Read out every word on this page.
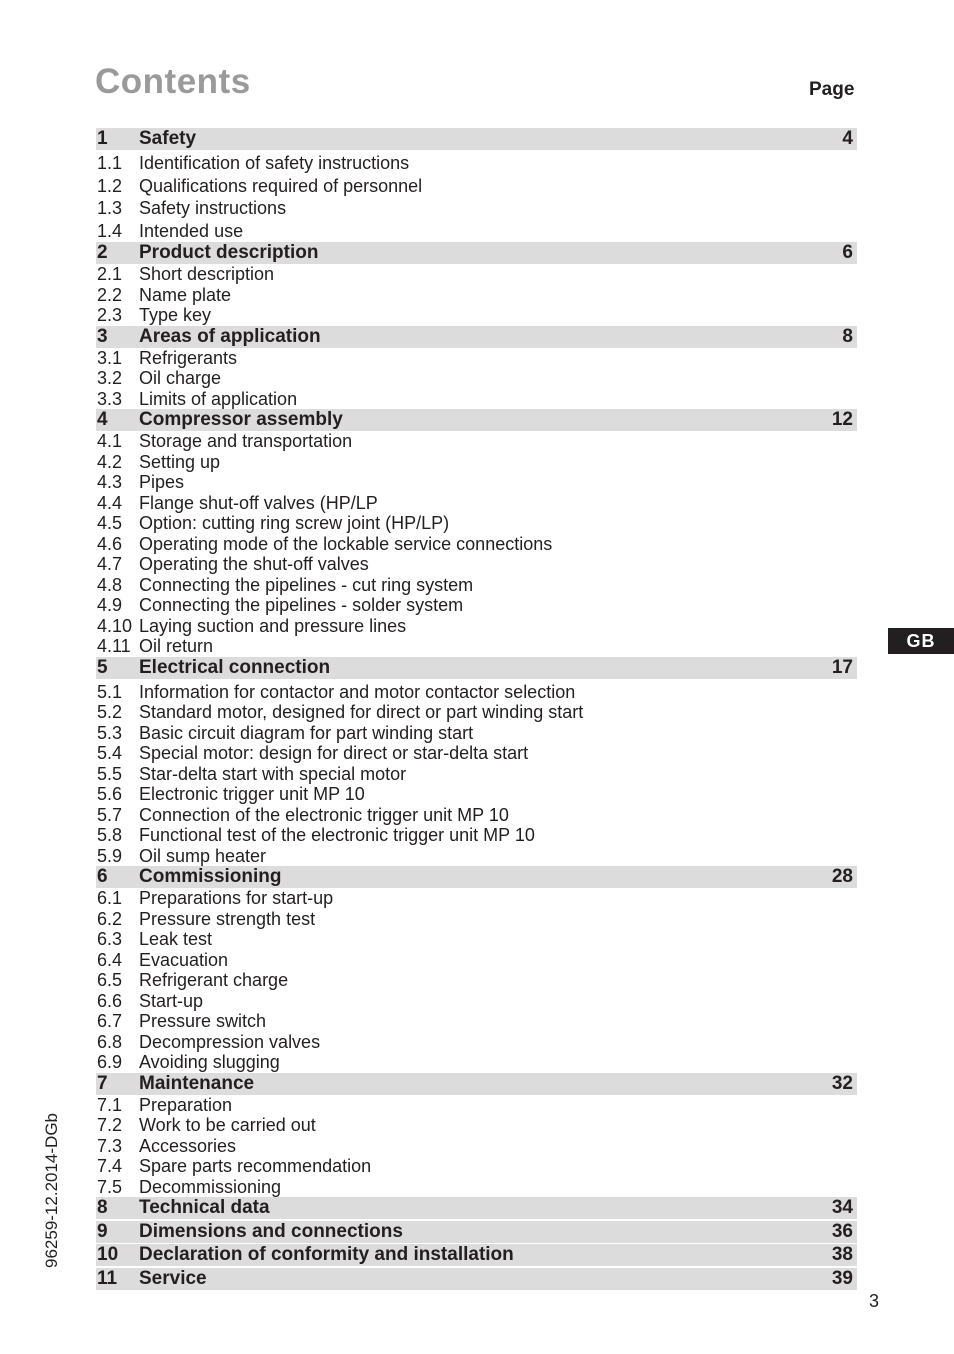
Contents	Page
1	Safety	4
1.1 Identification of safety instructions
1.2 Qualifications required of personnel
1.3 Safety instructions
1.4 Intended use
2	Product description	6
2.1 Short description
2.2 Name plate
2.3 Type key
3	Areas of application	8
3.1 Refrigerants
3.2 Oil charge
3.3 Limits of application
4	Compressor assembly	12
4.1 Storage and transportation
4.2 Setting up
4.3 Pipes
4.4 Flange shut-off valves (HP/LP
4.5 Option: cutting ring screw joint (HP/LP)
4.6 Operating mode of the lockable service connections
4.7 Operating the shut-off valves
4.8 Connecting the pipelines - cut ring system
4.9 Connecting the pipelines - solder system
4.10 Laying suction and pressure lines
4.11 Oil return
5	Electrical connection	17
5.1 Information for contactor and motor contactor selection
5.2 Standard motor, designed for direct or part winding start
5.3 Basic circuit diagram for part winding start
5.4 Special motor: design for direct or star-delta start
5.5 Star-delta start with special motor
5.6 Electronic trigger unit MP 10
5.7 Connection of the electronic trigger unit MP 10
5.8 Functional test of the electronic trigger unit MP 10
5.9 Oil sump heater
6	Commissioning	28
6.1 Preparations for start-up
6.2 Pressure strength test
6.3 Leak test
6.4 Evacuation
6.5 Refrigerant charge
6.6 Start-up
6.7 Pressure switch
6.8 Decompression valves
6.9 Avoiding slugging
7	Maintenance	32
7.1 Preparation
7.2 Work to be carried out
7.3 Accessories
7.4 Spare parts recommendation
7.5 Decommissioning
8	Technical data	34
9	Dimensions and connections	36
10	Declaration of conformity and installation	38
11	Service	39
GB
96259-12.2014-DGb
3
